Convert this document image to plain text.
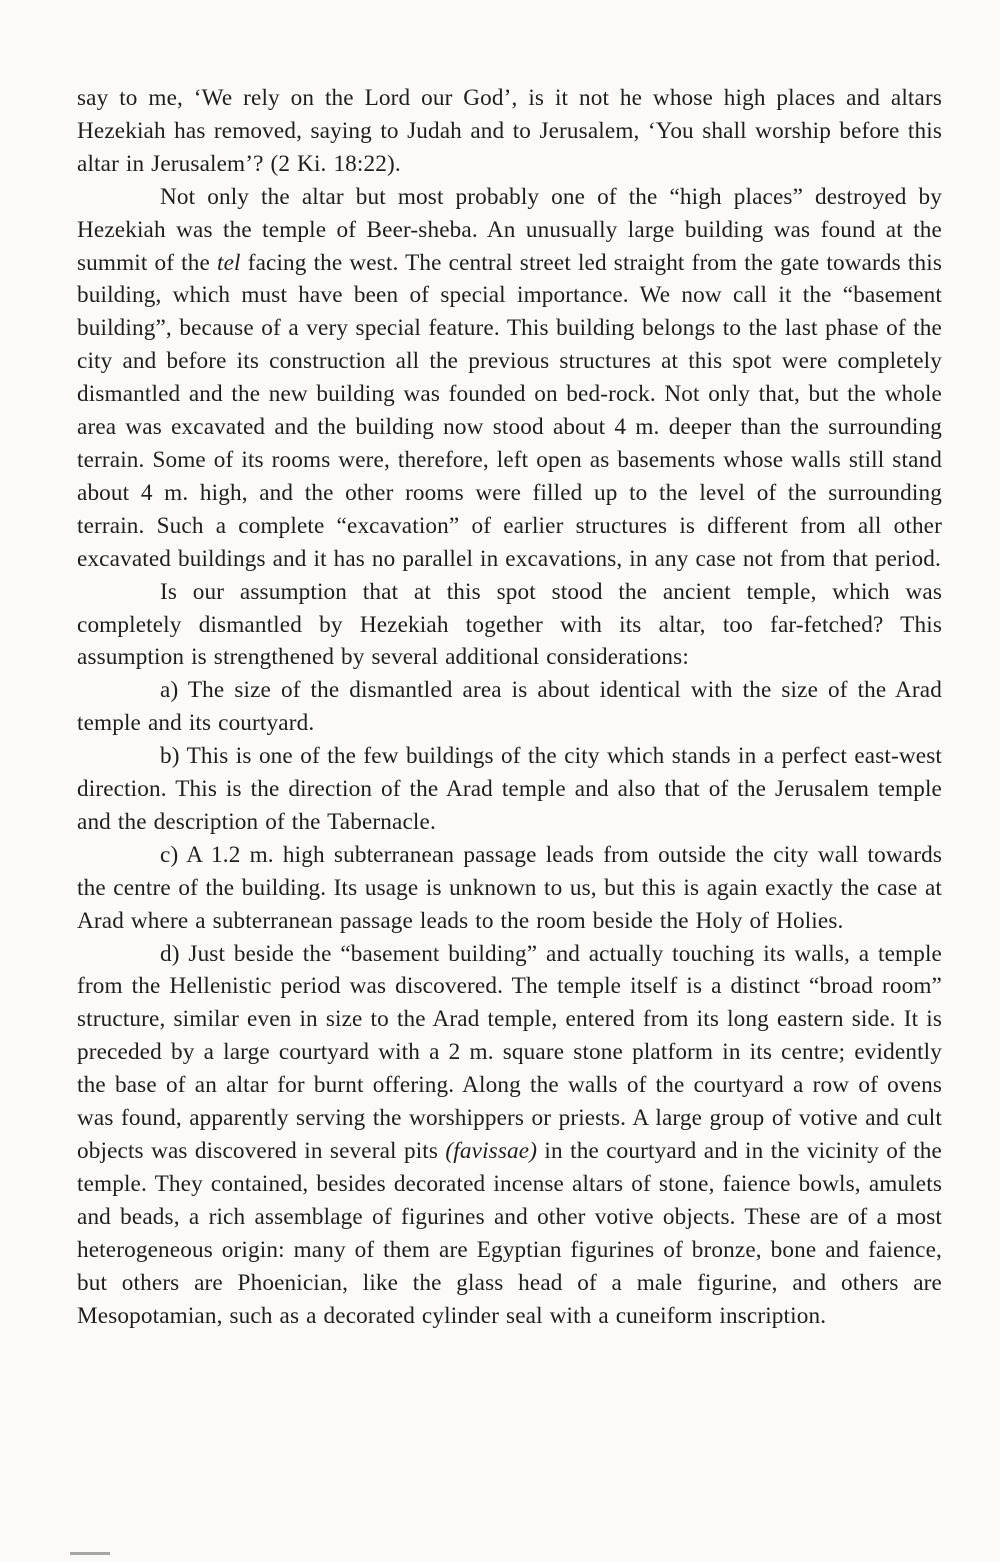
say to me, ‘We rely on the Lord our God’, is it not he whose high places and altars Hezekiah has removed, saying to Judah and to Jerusalem, ‘You shall worship before this altar in Jerusalem’? (2 Ki. 18:22).

Not only the altar but most probably one of the “high places” destroyed by Hezekiah was the temple of Beer-sheba. An unusually large building was found at the summit of the tel facing the west. The central street led straight from the gate towards this building, which must have been of special importance. We now call it the “basement building”, because of a very special feature. This building belongs to the last phase of the city and before its construction all the previous structures at this spot were completely dismantled and the new building was founded on bed-rock. Not only that, but the whole area was excavated and the building now stood about 4 m. deeper than the surrounding terrain. Some of its rooms were, therefore, left open as basements whose walls still stand about 4 m. high, and the other rooms were filled up to the level of the surrounding terrain. Such a complete “excavation” of earlier structures is different from all other excavated buildings and it has no parallel in excavations, in any case not from that period.

Is our assumption that at this spot stood the ancient temple, which was completely dismantled by Hezekiah together with its altar, too far-fetched? This assumption is strengthened by several additional considerations:

a) The size of the dismantled area is about identical with the size of the Arad temple and its courtyard.

b) This is one of the few buildings of the city which stands in a perfect east-west direction. This is the direction of the Arad temple and also that of the Jerusalem temple and the description of the Tabernacle.

c) A 1.2 m. high subterranean passage leads from outside the city wall towards the centre of the building. Its usage is unknown to us, but this is again exactly the case at Arad where a subterranean passage leads to the room beside the Holy of Holies.

d) Just beside the “basement building” and actually touching its walls, a temple from the Hellenistic period was discovered. The temple itself is a distinct “broad room” structure, similar even in size to the Arad temple, entered from its long eastern side. It is preceded by a large courtyard with a 2 m. square stone platform in its centre; evidently the base of an altar for burnt offering. Along the walls of the courtyard a row of ovens was found, apparently serving the worshippers or priests. A large group of votive and cult objects was discovered in several pits (favissae) in the courtyard and in the vicinity of the temple. They contained, besides decorated incense altars of stone, faience bowls, amulets and beads, a rich assemblage of figurines and other votive objects. These are of a most heterogeneous origin: many of them are Egyptian figurines of bronze, bone and faience, but others are Phoenician, like the glass head of a male figurine, and others are Mesopotamian, such as a decorated cylinder seal with a cuneiform inscription.
